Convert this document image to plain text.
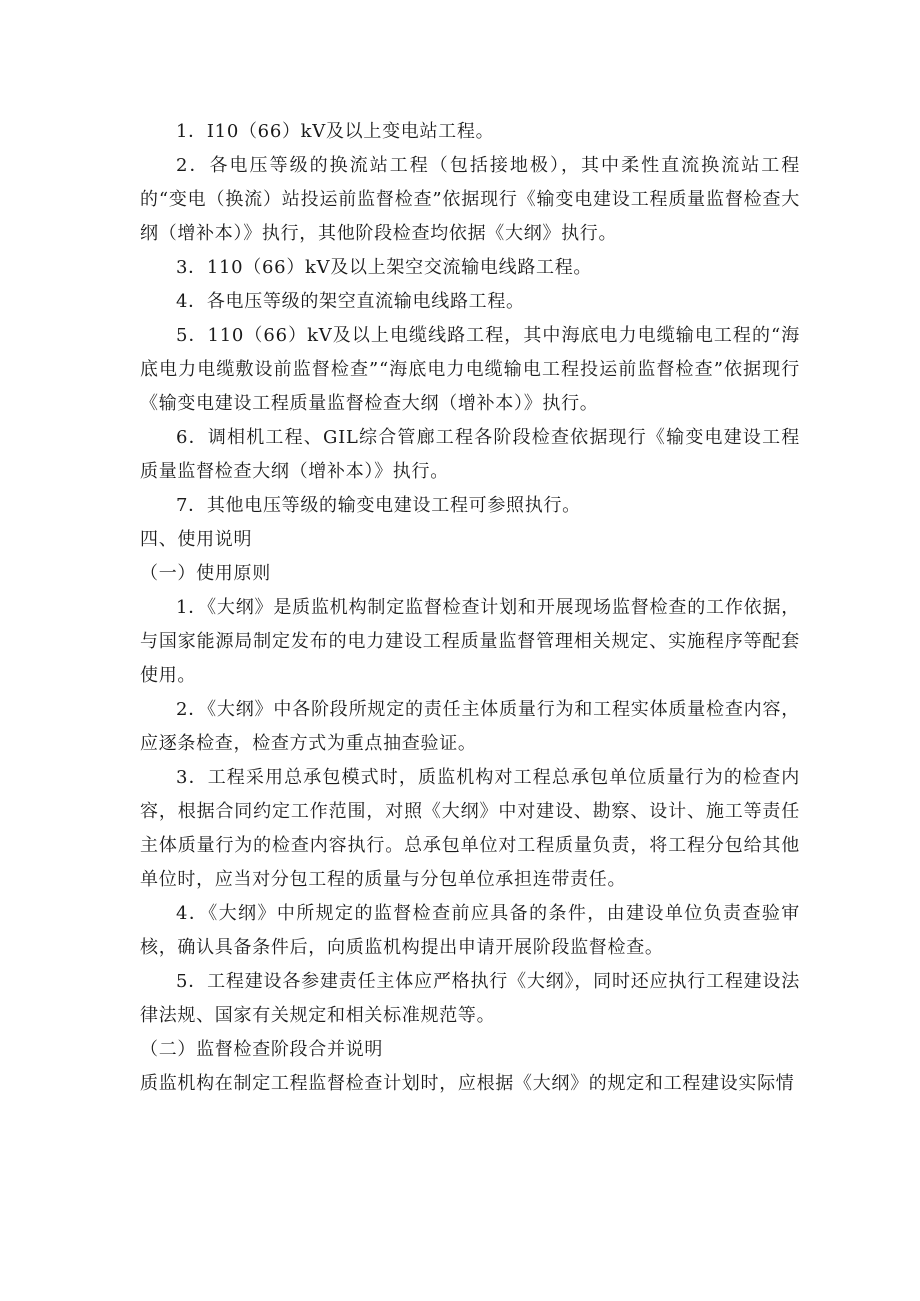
1．I10（66）kV及以上变电站工程。

2．各电压等级的换流站工程（包括接地极），其中柔性直流换流站工程的“变电（换流）站投运前监督检查”依据现行《输变电建设工程质量监督检查大纲（增补本）》执行，其他阶段检查均依据《大纲》执行。

3．110（66）kV及以上架空交流输电线路工程。

4．各电压等级的架空直流输电线路工程。

5．110（66）kV及以上电缆线路工程，其中海底电力电缆输电工程的“海底电力电缆敷设前监督检查”“海底电力电缆输电工程投运前监督检查”依据现行《输变电建设工程质量监督检查大纲（增补本）》执行。

6．调相机工程、GIL综合管廊工程各阶段检查依据现行《输变电建设工程质量监督检查大纲（增补本）》执行。

7．其他电压等级的输变电建设工程可参照执行。

四、使用说明

（一）使用原则

1．《大纲》是质监机构制定监督检查计划和开展现场监督检查的工作依据，与国家能源局制定发布的电力建设工程质量监督管理相关规定、实施程序等配套使用。

2．《大纲》中各阶段所规定的责任主体质量行为和工程实体质量检查内容，应逐条检查，检查方式为重点抽查验证。

3．工程采用总承包模式时，质监机构对工程总承包单位质量行为的检查内容，根据合同约定工作范围，对照《大纲》中对建设、勘察、设计、施工等责任主体质量行为的检查内容执行。总承包单位对工程质量负责，将工程分包给其他单位时，应当对分包工程的质量与分包单位承担连带责任。

4．《大纲》中所规定的监督检查前应具备的条件，由建设单位负责查验审核，确认具备条件后，向质监机构提出申请开展阶段监督检查。

5．工程建设各参建责任主体应严格执行《大纲》，同时还应执行工程建设法律法规、国家有关规定和相关标准规范等。

（二）监督检查阶段合并说明

质监机构在制定工程监督检查计划时，应根据《大纲》的规定和工程建设实际情
